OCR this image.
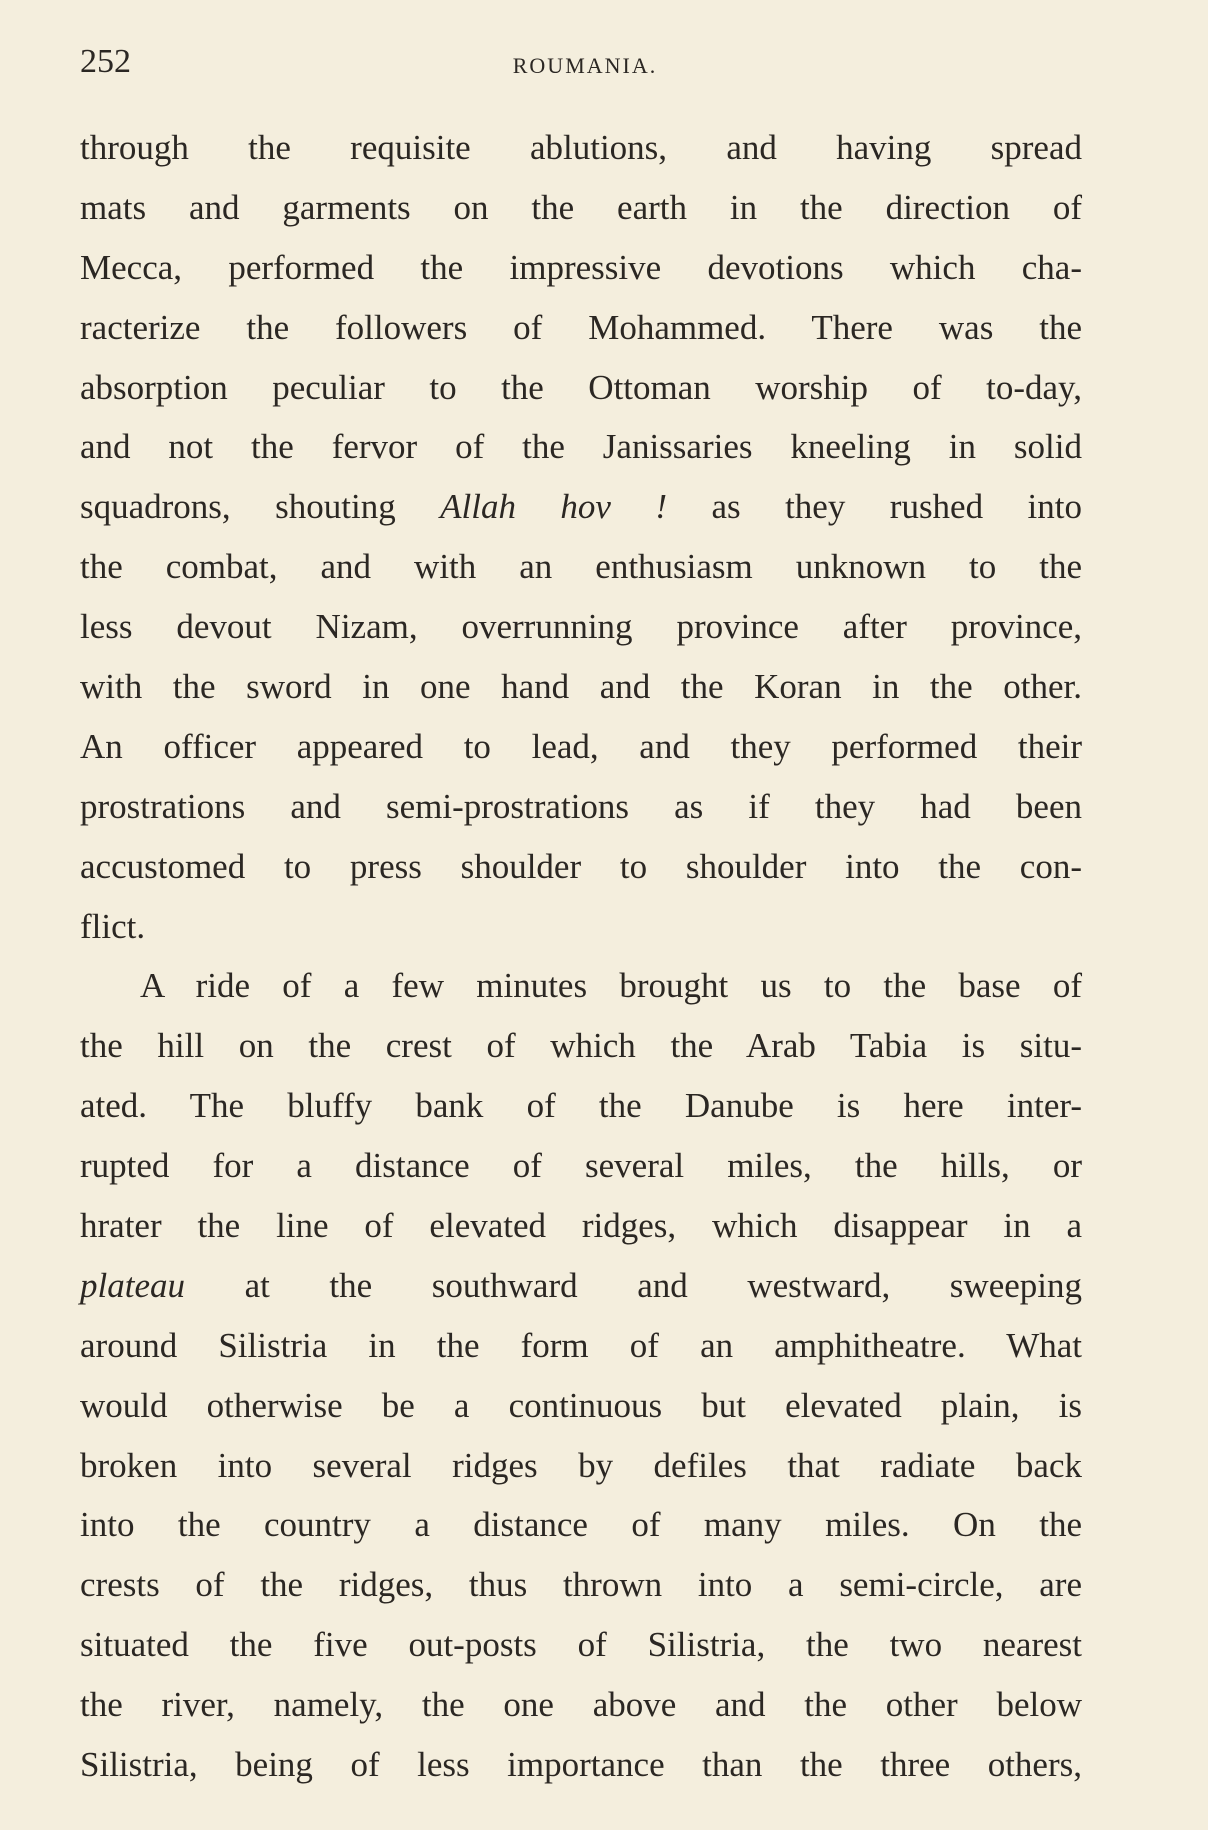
252	ROUMANIA.
through the requisite ablutions, and having spread
mats and garments on the earth in the direction of
Mecca, performed the impressive devotions which cha-
racterize the followers of Mohammed. There was the
absorption peculiar to the Ottoman worship of to-day,
and not the fervor of the Janissaries kneeling in solid
squadrons, shouting Allah hov ! as they rushed into
the combat, and with an enthusiasm unknown to the
less devout Nizam, overrunning province after province,
with the sword in one hand and the Koran in the other.
An officer appeared to lead, and they performed their
prostrations and semi-prostrations as if they had been
accustomed to press shoulder to shoulder into the con-
flict.
A ride of a few minutes brought us to the base of
the hill on the crest of which the Arab Tabia is situ-
ated. The bluffy bank of the Danube is here inter-
rupted for a distance of several miles, the hills, or
hrater the line of elevated ridges, which disappear in a
plateau at the southward and westward, sweeping
around Silistria in the form of an amphitheatre. What
would otherwise be a continuous but elevated plain, is
broken into several ridges by defiles that radiate back
into the country a distance of many miles. On the
crests of the ridges, thus thrown into a semi-circle, are
situated the five out-posts of Silistria, the two nearest
the river, namely, the one above and the other below
Silistria, being of less importance than the three others,
